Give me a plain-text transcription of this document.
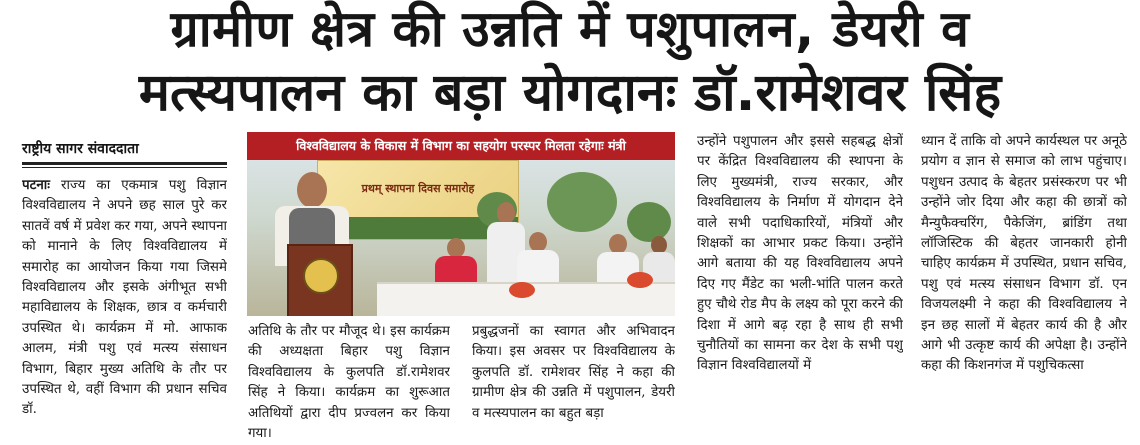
ग्रामीण क्षेत्र की उन्नति में पशुपालन, डेयरी व
मत्स्यपालन का बड़ा योगदानः डॉ.रामेशवर सिंह
राष्ट्रीय सागर संवाददाता
पटनाः राज्य का एकमात्र पशु विज्ञान विश्वविद्यालय ने अपने छह साल पुरे कर सातवें वर्ष में प्रवेश कर गया, अपने स्थापना को मानाने के लिए विश्वविद्यालय में समारोह का आयोजन किया गया जिसमे विश्वविद्यालय और इसके अंगीभूत सभी महाविद्यालय के शिक्षक, छात्र व कर्मचारी उपस्थित थे। कार्यक्रम में मो. आफाक आलम, मंत्री पशु एवं मत्स्य संसाधन विभाग, बिहार मुख्य अतिथि के तौर पर उपस्थित थे, वहीं विभाग की प्रधान सचिव डॉ.
विश्वविद्यालय के विकास में विभाग का सहयोग परस्पर मिलता रहेगाः मंत्री
प्रथम् स्थापना दिवस समारोह
अतिथि के तौर पर मौजूद थे। इस कार्यक्रम की अध्यक्षता बिहार पशु विज्ञान विश्वविद्यालय के कुलपति डॉ.रामेशवर सिंह ने किया। कार्यक्रम का शुरूआत अतिथियों द्वारा दीप प्रज्वलन कर किया गया।
प्रबुद्धजनों का स्वागत और अभिवादन किया। इस अवसर पर विश्वविद्यालय के कुलपति डॉ. रामेशवर सिंह ने कहा की ग्रामीण क्षेत्र की उन्नति में पशुपालन, डेयरी व मत्स्यपालन का बहुत बड़ा
उन्होंने पशुपालन और इससे सहबद्ध क्षेत्रों पर केंद्रित विश्वविद्यालय की स्थापना के लिए मुख्यमंत्री, राज्य सरकार, और विश्वविद्यालय के निर्माण में योगदान देने वाले सभी पदाधिकारियों, मंत्रियों और शिक्षकों का आभार प्रकट किया। उन्होंने आगे बताया की यह विश्वविद्यालय अपने दिए गए मैंडेट का भली-भांति पालन करते हुए चौथे रोड मैप के लक्ष्य को पूरा करने की दिशा में आगे बढ़ रहा है साथ ही सभी चुनौतियों का सामना कर देश के सभी पशु विज्ञान विश्वविद्यालयों में
ध्यान दें ताकि वो अपने कार्यस्थल पर अनूठे प्रयोग व ज्ञान से समाज को लाभ पहुंचाए। पशुधन उत्पाद के बेहतर प्रसंस्करण पर भी उन्होंने जोर दिया और कहा की छात्रों को मैन्युफैक्चरिंग, पैकेजिंग, ब्रांडिंग तथा लॉजिस्टिक की बेहतर जानकारी होनी चाहिए कार्यक्रम में उपस्थित, प्रधान सचिव, पशु एवं मत्स्य संसाधन विभाग डॉ. एन विजयलक्ष्मी ने कहा की विश्वविद्यालय ने इन छह सालों में बेहतर कार्य की है और आगे भी उत्कृष्ट कार्य की अपेक्षा है। उन्होंने कहा की किशनगंज में पशुचिकत्सा
